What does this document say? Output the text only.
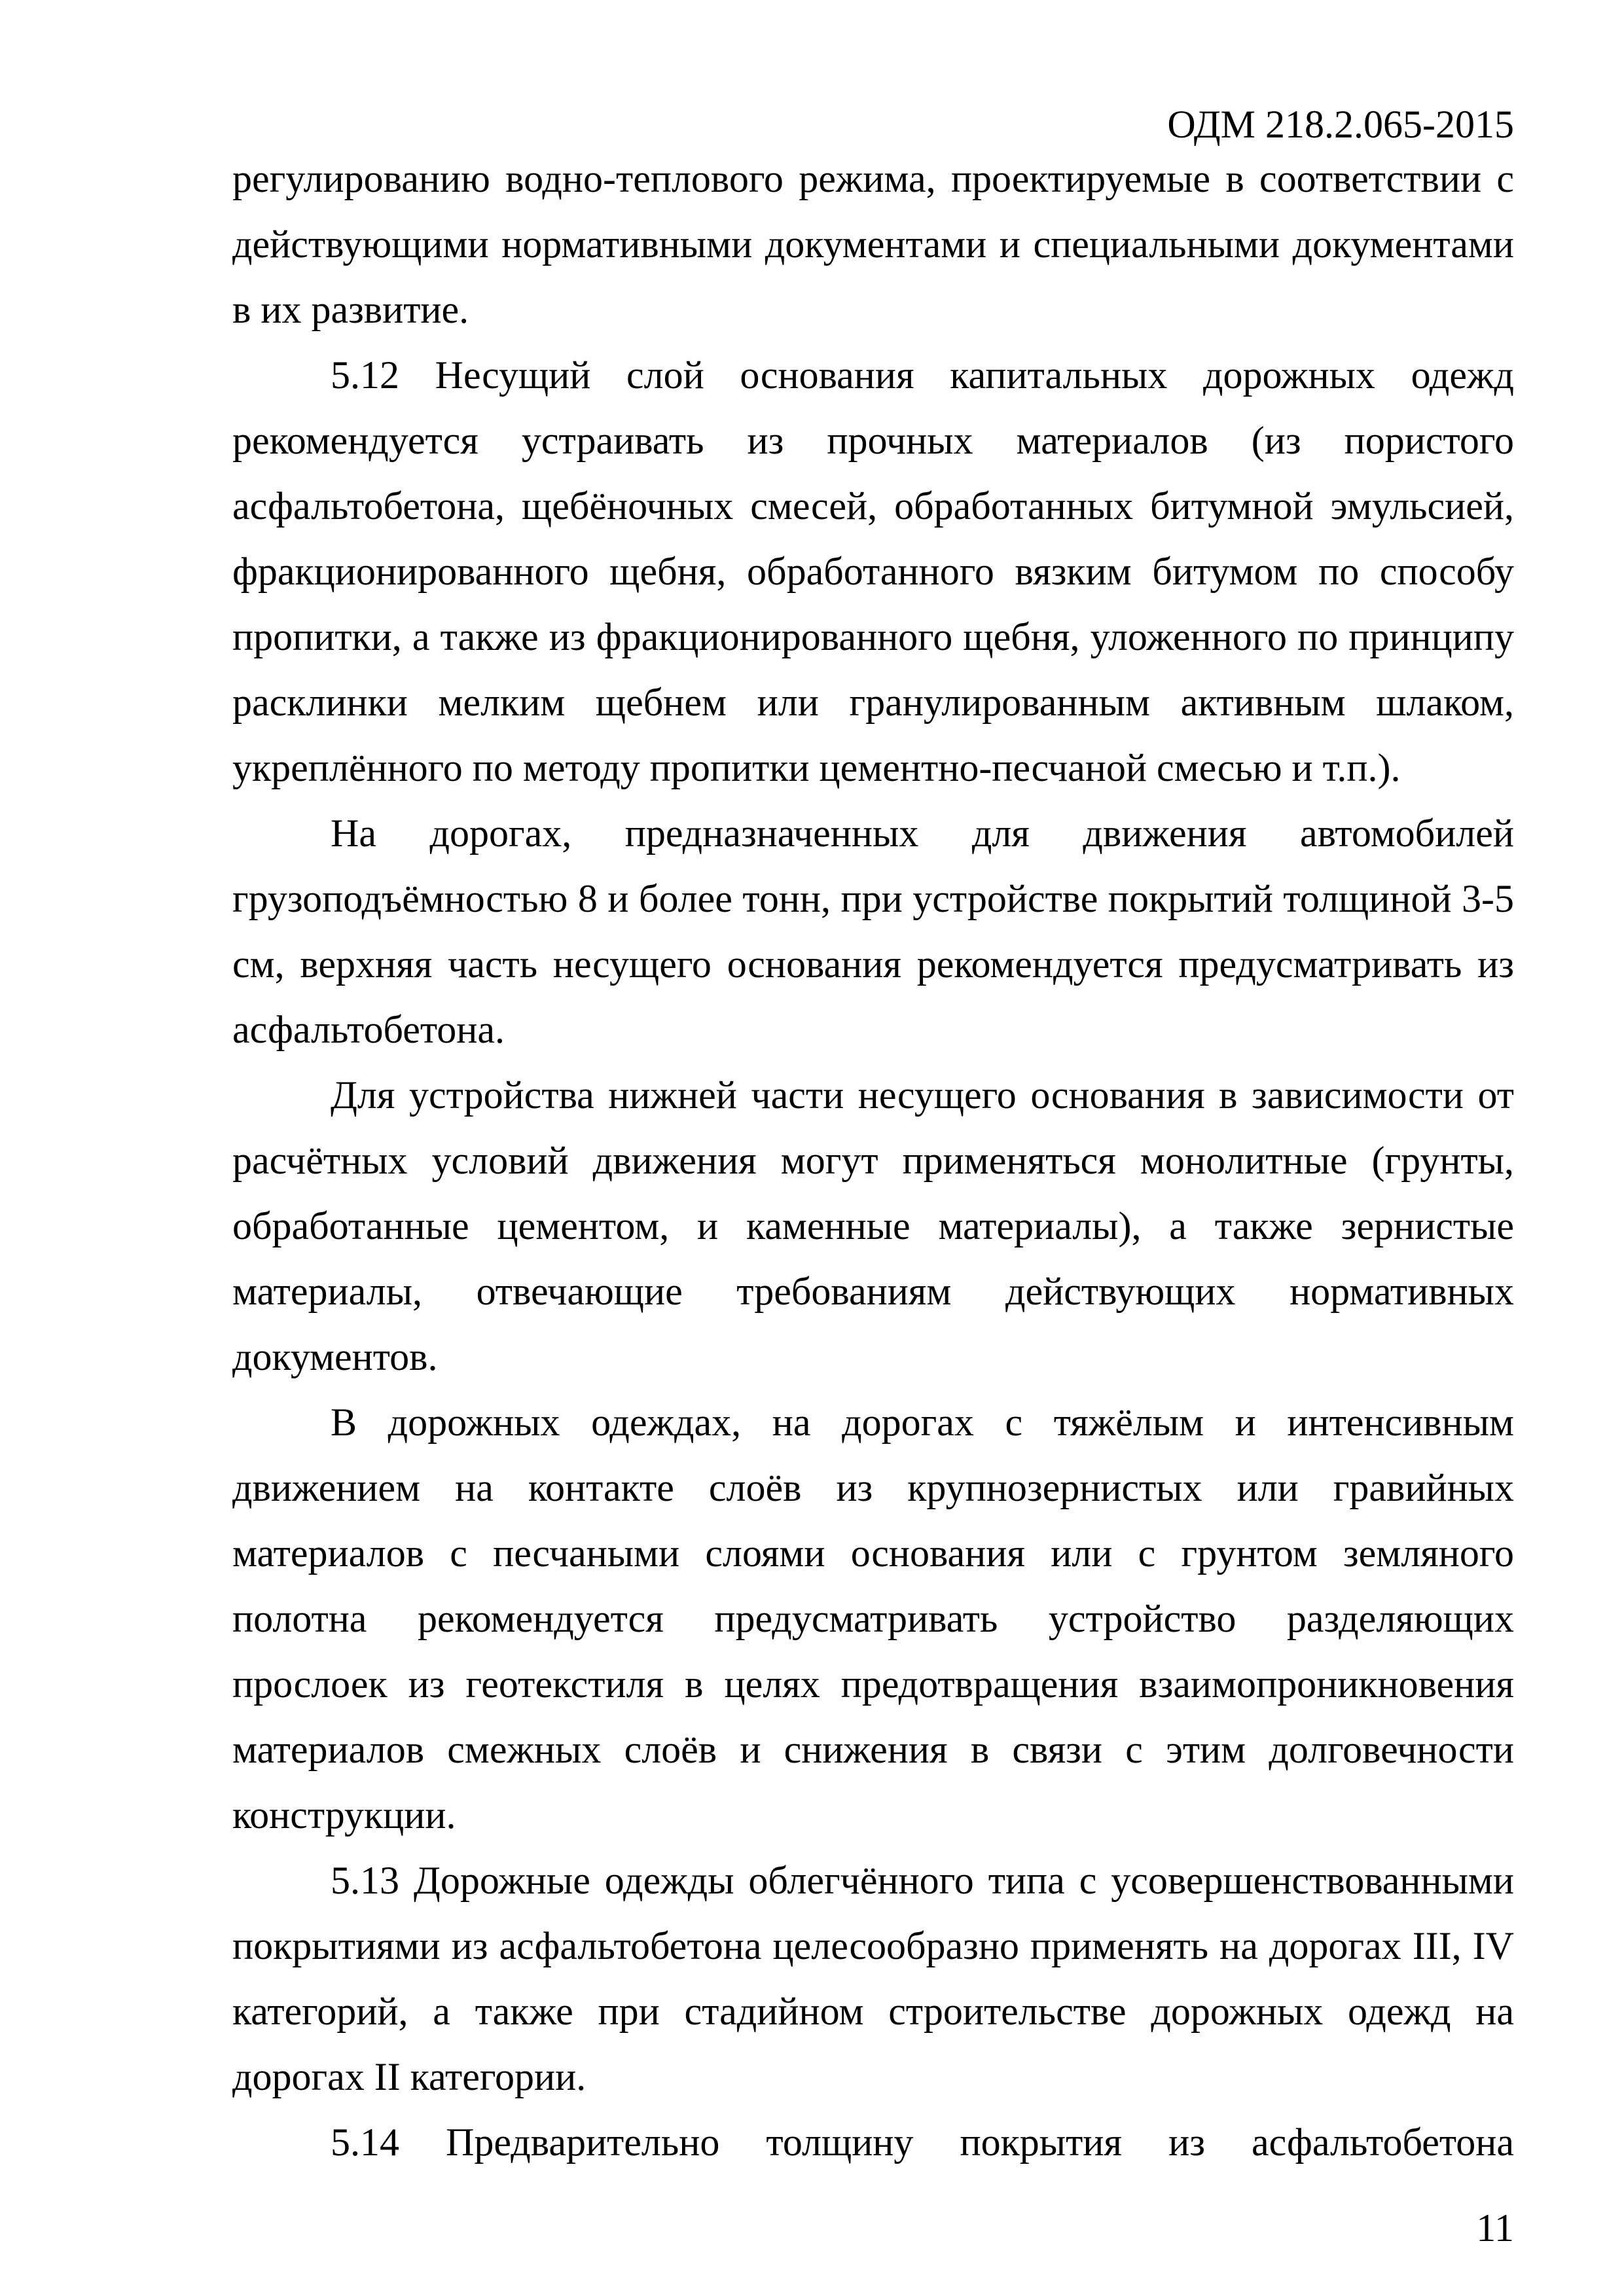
ОДМ 218.2.065-2015

регулированию водно-теплового режима, проектируемые в соответствии с действующими нормативными документами и специальными документами в их развитие.

5.12 Несущий слой основания капитальных дорожных одежд рекомендуется устраивать из прочных материалов (из пористого асфальтобетона, щебёночных смесей, обработанных битумной эмульсией, фракционированного щебня, обработанного вязким битумом по способу пропитки, а также из фракционированного щебня, уложенного по принципу расклинки мелким щебнем или гранулированным активным шлаком, укреплённого по методу пропитки цементно-песчаной смесью и т.п.).

На дорогах, предназначенных для движения автомобилей грузоподъёмностью 8 и более тонн, при устройстве покрытий толщиной 3-5 см, верхняя часть несущего основания рекомендуется предусматривать из асфальтобетона.

Для устройства нижней части несущего основания в зависимости от расчётных условий движения могут применяться монолитные (грунты, обработанные цементом, и каменные материалы), а также зернистые материалы, отвечающие требованиям действующих нормативных документов.

В дорожных одеждах, на дорогах с тяжёлым и интенсивным движением на контакте слоёв из крупнозернистых или гравийных материалов с песчаными слоями основания или с грунтом земляного полотна рекомендуется предусматривать устройство разделяющих прослоек из геотекстиля в целях предотвращения взаимопроникновения материалов смежных слоёв и снижения в связи с этим долговечности конструкции.

5.13 Дорожные одежды облегчённого типа с усовершенствованными покрытиями из асфальтобетона целесообразно применять на дорогах III, IV категорий, а также при стадийном строительстве дорожных одежд на дорогах II категории.

5.14 Предварительно толщину покрытия из асфальтобетона

11
